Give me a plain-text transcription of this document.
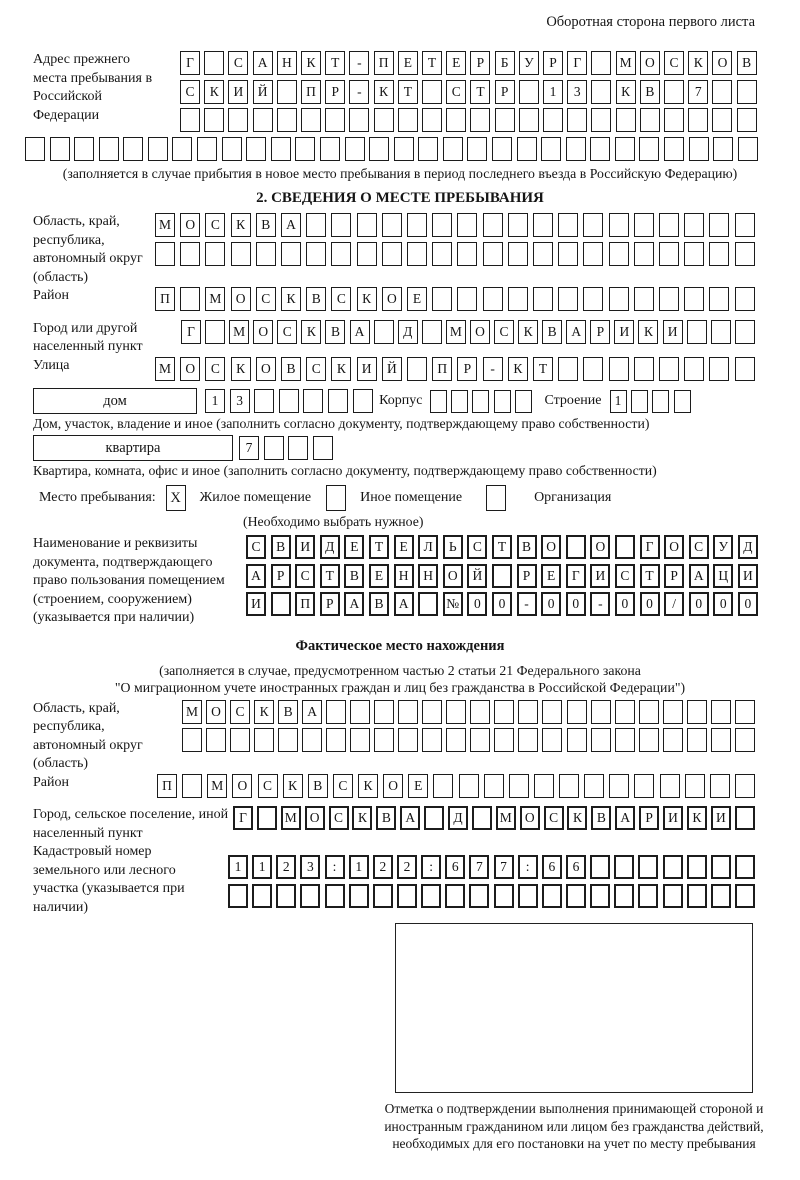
Оборотная сторона первого листа
Адрес прежнего места пребывания в Российской Федерации
Г	С	А	Н	К	Т	-	П	Е	Т	Е	Р	Б	У	Р	Г	М О	С	К	О	В
С	К	И	Й	П	Р	-	К	Т	С	Т	Р	1	3	К	В	7
(заполняется в случае прибытия в новое место пребывания в период последнего въезда в Российскую Федерацию)
2. СВЕДЕНИЯ О МЕСТЕ ПРЕБЫВАНИЯ
Область, край, республика, автономный округ (область)
М	О	С	К	В	А
Район	П	М	О	С	К	В	С	К	О	Е
Город или другой населенный пункт
Г	М О	С	К	В	А	Д	М О	С	К	В	А	Р	И	К	И
Улица	М	О	С	К	О	В	С	К	И	Й	П	Р	-	К	Т
дом	1	3	Корпус	Строение 1
Дом, участок, владение и иное (заполнить согласно документу, подтверждающему право собственности)
квартира	7
Квартира, комната, офис и иное (заполнить согласно документу, подтверждающему право собственности)
Место пребывания:	X	Жилое помещение	Иное помещение	Организация
(Необходимо выбрать нужное)
Наименование и реквизиты документа, подтверждающего право пользования помещением (строением, сооружением) (указывается при наличии)
С	В	И	Д	Е	Т	Е	Л	Ь	С	Т	В	О	О	Г	О	С	У	Д
А	Р	С	Т	В	Е	Н	Н	О	Й	Р	Е	Г	И	С	Т	Р	А	Ц	И
И	П	Р	А	В	А	№	0	0	-	0	0	-	0	0	/	0	0	0
Фактическое место нахождения
(заполняется в случае, предусмотренном частью 2 статьи 21 Федерального закона
"О миграционном учете иностранных граждан и лиц без гражданства в Российской Федерации")
Область, край, республика, автономный округ (область)
М О	С	К	В	А
Район	П	М	О	С	К	В	С	К	О	Е
Город, сельское поселение, иной населенный пункт
Г	М О	С	К	В	А	Д	М О	С	К	В	А	Р	И	К	И
Кадастровый номер земельного или лесного участка (указывается при наличии)
1	1	2	3	:	1	2	2	:	6	7	7	:	6	6
Отметка о подтверждении выполнения принимающей стороной и иностранным гражданином или лицом без гражданства действий, необходимых для его постановки на учет по месту пребывания
